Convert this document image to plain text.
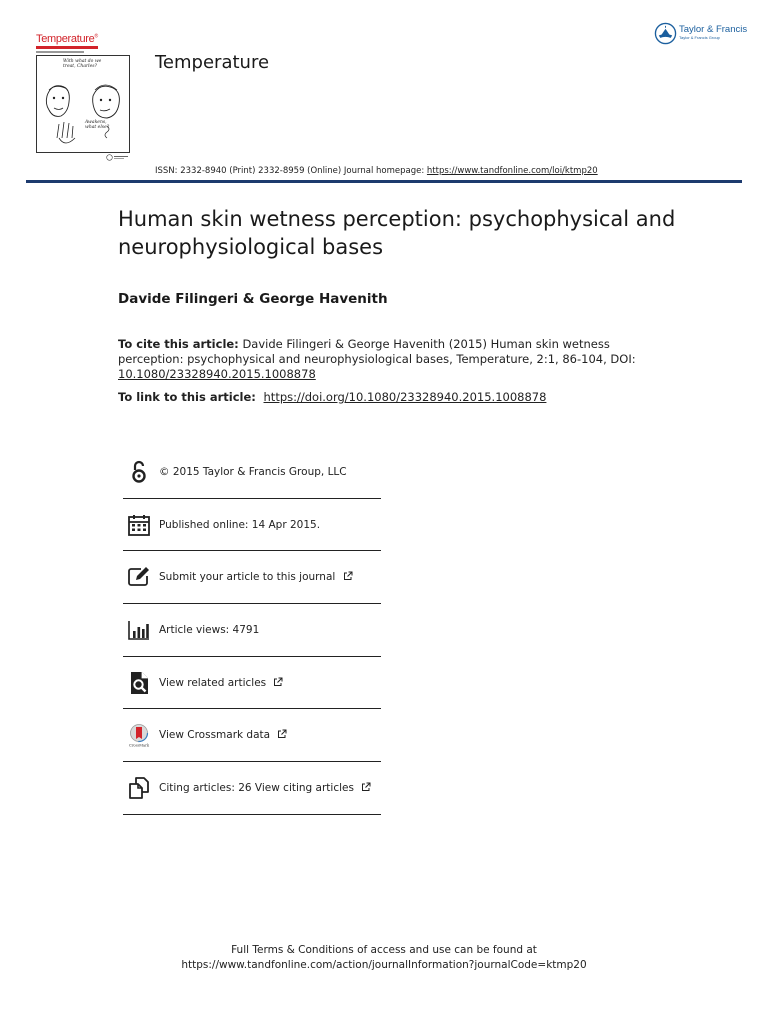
Temperature®
With what do we treat, Charles?
Awakens, what else?
Temperature
Taylor & Francis
Taylor & Francis Group
ISSN: 2332-8940 (Print) 2332-8959 (Online) Journal homepage: https://www.tandfonline.com/loi/ktmp20
Human skin wetness perception: psychophysical and neurophysiological bases
Davide Filingeri & George Havenith
To cite this article: Davide Filingeri & George Havenith (2015) Human skin wetness perception: psychophysical and neurophysiological bases, Temperature, 2:1, 86-104, DOI:
10.1080/23328940.2015.1008878
To link to this article: https://doi.org/10.1080/23328940.2015.1008878
© 2015 Taylor & Francis Group, LLC
Published online: 14 Apr 2015.
Submit your article to this journal
Article views: 4791
View related articles
CrossMark
View Crossmark data
Citing articles: 26 View citing articles
Full Terms & Conditions of access and use can be found at
https://www.tandfonline.com/action/journalInformation?journalCode=ktmp20
